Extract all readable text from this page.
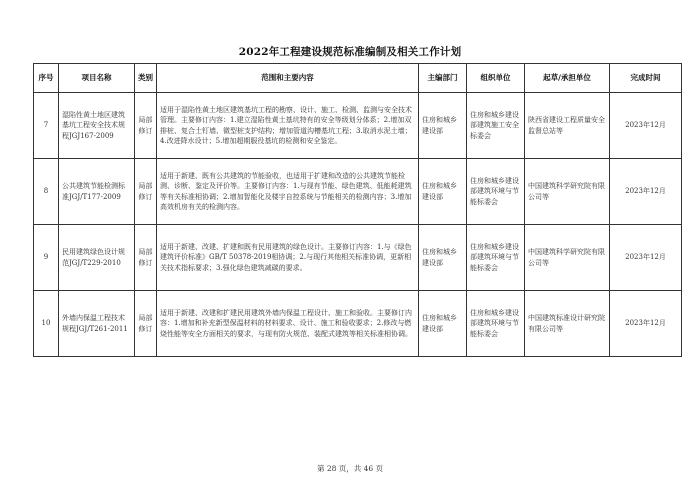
2022年工程建设规范标准编制及相关工作计划
序号	项目名称	类别	范围和主要内容	主编部门	组织单位	起草/承担单位	完成时间
7	湿陷性黄土地区建筑基坑工程安全技术规程JGJ167-2009	局部修订	适用于湿陷性黄土地区建筑基坑工程的勘察、设计、施工、检测、监测与安全技术管理。主要修订内容：1.建立湿陷性黄土基坑特有的安全等级划分体系；2.增加双排桩、复合土钉墙、微型桩支护结构；增加管道沟槽基坑工程；3.取消水泥土墙；4.改进降水设计；5.增加超期服役基坑的检测和安全鉴定。	住房和城乡建设部	住房和城乡建设部建筑施工安全标委会	陕西省建设工程质量安全监督总站等	2023年12月
8	公共建筑节能检测标准JGJ/T177-2009	局部修订	适用于新建、既有公共建筑的节能验收，也适用于扩建和改造的公共建筑节能检测、诊断、鉴定及评价等。主要修订内容：1.与现有节能、绿色建筑、低能耗建筑等有关标准相协调；2.增加智能化及楼宇自控系统与节能相关的检测内容；3.增加高效机房有关的检测内容。	住房和城乡建设部	住房和城乡建设部建筑环境与节能标委会	中国建筑科学研究院有限公司等	2023年12月
9	民用建筑绿色设计规范JGJ/T229-2010	局部修订	适用于新建、改建、扩建和既有民用建筑的绿色设计。主要修订内容：1.与《绿色建筑评价标准》GB/T 50378-2019相协调；2.与现行其他相关标准协调，更新相关技术指标要求；3.强化绿色建筑减碳的要求。	住房和城乡建设部	住房和城乡建设部建筑环境与节能标委会	中国建筑科学研究院有限公司等	2023年12月
10	外墙内保温工程技术规程JGJ/T261-2011	局部修订	适用于新建、改建和扩建民用建筑外墙内保温工程设计、施工和验收。主要修订内容：1.增加和补充新型保温材料的材料要求、设计、施工和验收要求；2.修改与燃烧性能等安全方面相关的要求，与现有防火规范、装配式建筑等相关标准相协调。	住房和城乡建设部	住房和城乡建设部建筑环境与节能标委会	中国建筑标准设计研究院有限公司等	2023年12月
第 28 页，共 46 页
